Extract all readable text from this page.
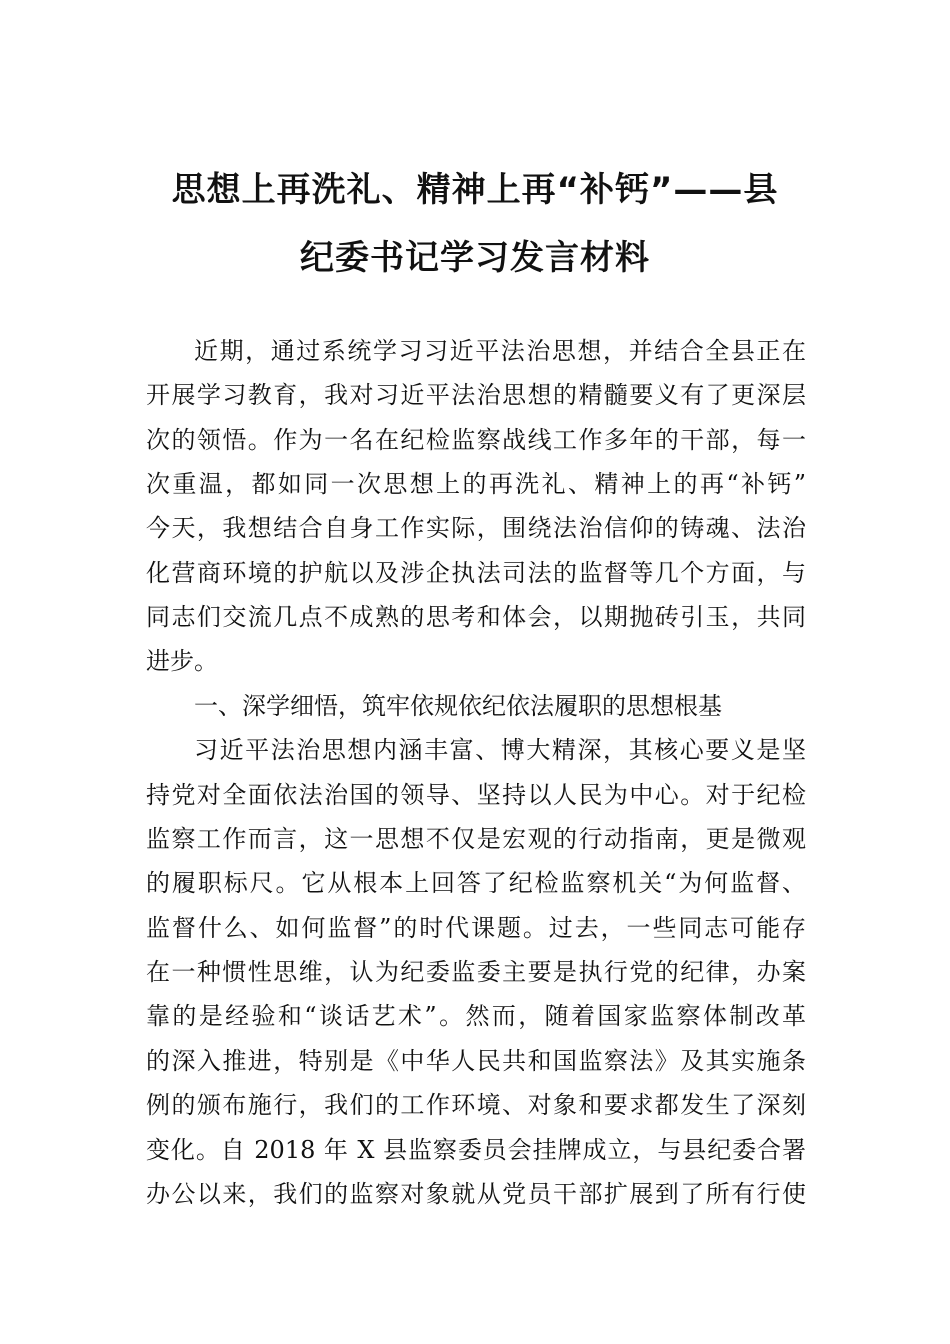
思想上再洗礼、精神上再“补钙”——县
纪委书记学习发言材料
近期，通过系统学习习近平法治思想，并结合全县正在
开展学习教育，我对习近平法治思想的精髓要义有了更深层
次的领悟。作为一名在纪检监察战线工作多年的干部，每一
次重温，都如同一次思想上的再洗礼、精神上的再“补钙”
今天，我想结合自身工作实际，围绕法治信仰的铸魂、法治
化营商环境的护航以及涉企执法司法的监督等几个方面，与
同志们交流几点不成熟的思考和体会，以期抛砖引玉，共同
进步。
一、深学细悟，筑牢依规依纪依法履职的思想根基
习近平法治思想内涵丰富、博大精深，其核心要义是坚
持党对全面依法治国的领导、坚持以人民为中心。对于纪检
监察工作而言，这一思想不仅是宏观的行动指南，更是微观
的履职标尺。它从根本上回答了纪检监察机关“为何监督、
监督什么、如何监督”的时代课题。过去，一些同志可能存
在一种惯性思维，认为纪委监委主要是执行党的纪律，办案
靠的是经验和“谈话艺术”。然而，随着国家监察体制改革
的深入推进，特别是《中华人民共和国监察法》及其实施条
例的颁布施行，我们的工作环境、对象和要求都发生了深刻
变化。自 2018 年 X 县监察委员会挂牌成立，与县纪委合署
办公以来，我们的监察对象就从党员干部扩展到了所有行使
